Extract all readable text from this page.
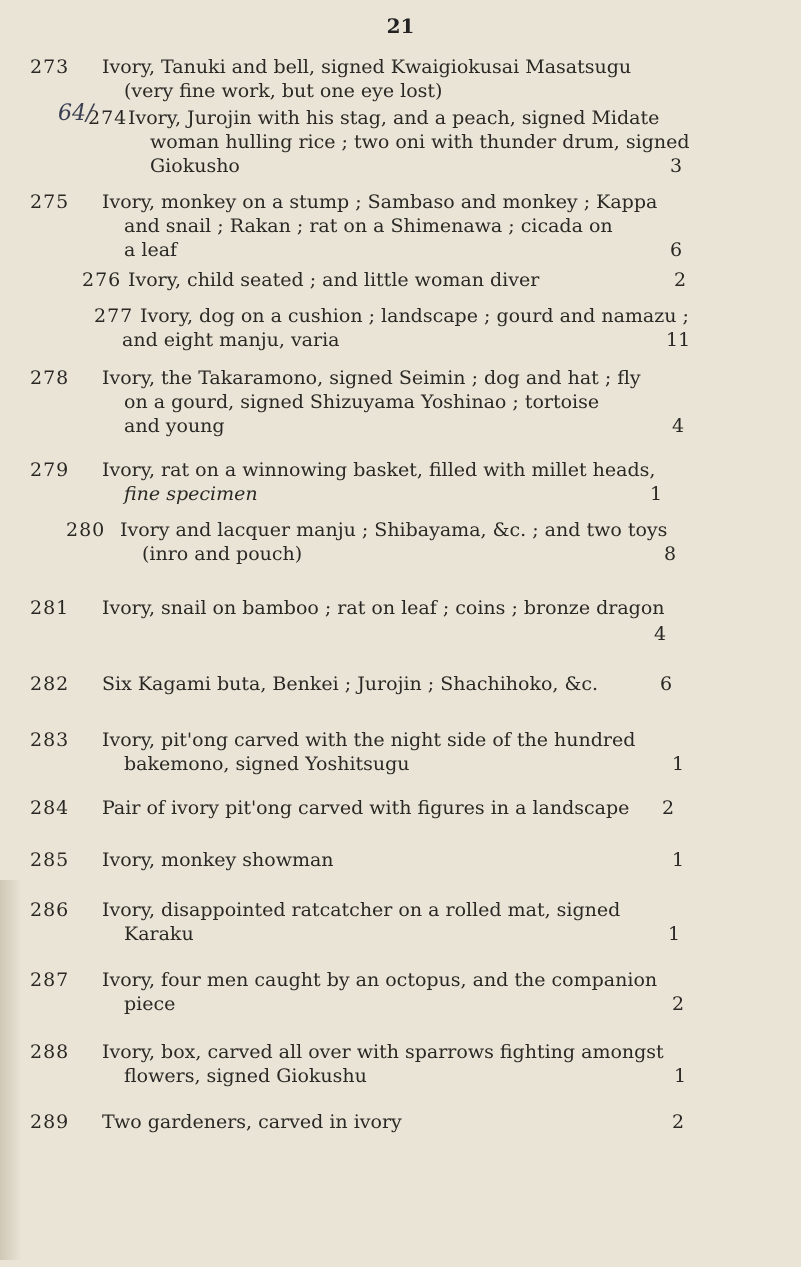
21
273	Ivory, Tanuki and bell, signed Kwaigiokusai Masatsugu
(very fine work, but one eye lost)
274
64/ Ivory, Jurojin with his stag, and a peach, signed Midate
woman hulling rice ; two oni with thunder drum, signed
Giokusho	3
275	Ivory, monkey on a stump ; Sambaso and monkey ; Kappa
and snail ; Rakan ; rat on a Shimenawa ; cicada on
a leaf	6
276 Ivory, child seated ; and little woman diver	2
277 Ivory, dog on a cushion ; landscape ; gourd and namazu ;
and eight manju, varia	11
278	Ivory, the Takaramono, signed Seimin ; dog and hat ; fly
on a gourd, signed Shizuyama Yoshinao ; tortoise
and young	4
279	Ivory, rat on a winnowing basket, filled with millet heads,
fine specimen	1
280 Ivory and lacquer manju ; Shibayama, &c. ; and two toys
(inro and pouch)	8
281	Ivory, snail on bamboo ; rat on leaf ; coins ; bronze dragon
4
282	Six Kagami buta, Benkei ; Jurojin ; Shachihoko, &c.	6
283	Ivory, pit'ong carved with the night side of the hundred
bakemono, signed Yoshitsugu	1
284	Pair of ivory pit'ong carved with figures in a landscape	2
285	Ivory, monkey showman	1
286	Ivory, disappointed ratcatcher on a rolled mat, signed
Karaku	1
287	Ivory, four men caught by an octopus, and the companion
piece	2
288	Ivory, box, carved all over with sparrows fighting amongst
flowers, signed Giokushu	1
289	Two gardeners, carved in ivory	2
